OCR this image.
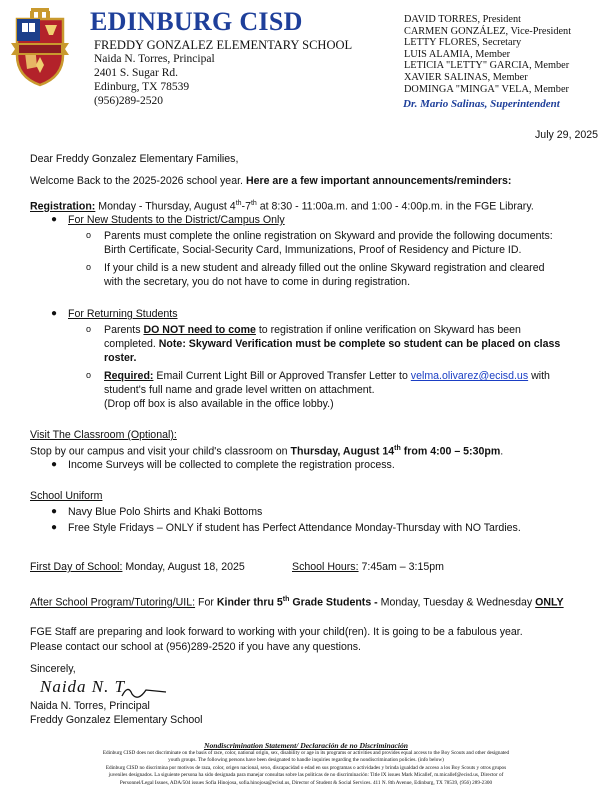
EDINBURG CISD
FREDDY GONZALEZ ELEMENTARY SCHOOL
Naida N. Torres, Principal
2401 S. Sugar Rd.
Edinburg, TX 78539
(956)289-2520
DAVID TORRES, President
CARMEN GONZÁLEZ, Vice-President
LETTY FLORES, Secretary
LUIS ALAMIA, Member
LETICIA "LETTY" GARCIA, Member
XAVIER SALINAS, Member
DOMINGA "MINGA" VELA, Member
Dr. Mario Salinas, Superintendent
July 29, 2025
Dear Freddy Gonzalez Elementary Families,
Welcome Back to the 2025-2026 school year. Here are a few important announcements/reminders:
Registration: Monday - Thursday, August 4th-7th at 8:30 - 11:00a.m. and 1:00 - 4:00p.m. in the FGE Library.
● For New Students to the District/Campus Only
o Parents must complete the online registration on Skyward and provide the following documents:
Birth Certificate, Social-Security Card, Immunizations, Proof of Residency and Picture ID.
o If your child is a new student and already filled out the online Skyward registration and cleared
with the secretary, you do not have to come in during registration.
● For Returning Students
o Parents DO NOT need to come to registration if online verification on Skyward has been
completed. Note: Skyward Verification must be complete so student can be placed on class
roster.
o Required: Email Current Light Bill or Approved Transfer Letter to velma.olivarez@ecisd.us with
student's full name and grade level written on attachment.
(Drop off box is also available in the office lobby.)
Visit The Classroom (Optional):
Stop by our campus and visit your child's classroom on Thursday, August 14th from 4:00 – 5:30pm.
● Income Surveys will be collected to complete the registration process.
School Uniform
● Navy Blue Polo Shirts and Khaki Bottoms
● Free Style Fridays – ONLY if student has Perfect Attendance Monday-Thursday with NO Tardies.
First Day of School: Monday, August 18, 2025	School Hours: 7:45am – 3:15pm
After School Program/Tutoring/UIL: For Kinder thru 5th Grade Students - Monday, Tuesday & Wednesday ONLY
FGE Staff are preparing and look forward to working with your child(ren). It is going to be a fabulous year.
Please contact our school at (956)289-2520 if you have any questions.
Sincerely,
Naida N. T
Naida N. Torres, Principal
Freddy Gonzalez Elementary School
Nondiscrimination Statement/ Declaración de no Discriminación
Edinburg CISD does not discriminate on the basis of race, color, national origin, sex, disability or age in its programs or activities and provides equal access to the Boy Scouts and other designated
youth groups. The following persons have been designated to handle inquiries regarding the nondiscrimination policies. (info below)
Edinburg CISD no discrimina por motivos de raza, color, origen nacional, sexo, discapacidad o edad en sus programas o actividades y brinda igualdad de acceso a los Boy Scouts y otros grupos
juveniles designados. La siguiente persona ha sido designada para manejar consultas sobre las políticas de no discriminación: Title IX issues Mark Micallef, m.micallef@ecisd.us, Director of
Personnel/Legal Issues, ADA/504 issues Sofia Hinojosa, sofia.hinojosa@ecisd.us, Director of Student & Social Services. 411 N. 8th Avenue, Edinburg, TX 78539, (956) 289-2300
